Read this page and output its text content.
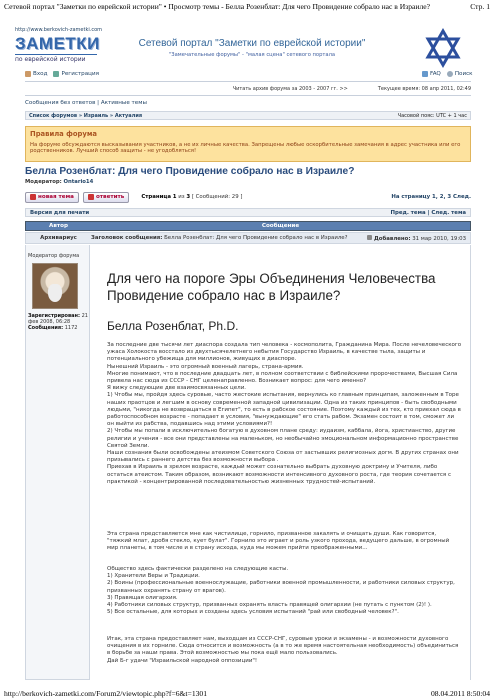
Сетевой портал "Заметки по еврейской истории" • Просмотр темы - Белла Розенблат: Для чего Провидение собрало нас в Израиле?	Стр. 1
http://www.berkovich-zametki.com
ЗАМЕТКИ
по еврейской истории
Сетевой портал "Заметки по еврейской истории"
"Замечательные форумы" - "малая сцена" сетевого портала
Вход	Регистрация	FAQ	Поиск
Читать архив форума за 2003 - 2007 гг. >>	Текущее время: 08 апр 2011, 02:49
Сообщения без ответов | Активные темы
Список форумов » Израиль » Актуалия	Часовой пояс: UTC + 1 час
Правила форума
На форуме обсуждаются высказывания участников, а не их личные качества. Запрещены любые оскорбительные замечания в адрес участника или его родственников. Лучший способ защиты - не угодобляться!
Белла Розенблат: Для чего Провидение собрало нас в Израиле?
Модератор: Ontario14
новая тема	ответить	Страница 1 из 3 [ Сообщений: 29 ]	На страницу 1, 2, 3 След.
Версия для печати	Пред. тема | След. тема
Автор	Сообщение
Архивариус	Заголовок сообщения: Белла Розенблат: Для чего Провидение собрало нас в Израиле?	Добавлено: 31 мар 2010, 19:03
Модератор форума
Зарегистрирован: 21 фев 2008, 06:28
Сообщения: 1172
Для чего на пороге Эры Объединения Человечества Провидение собрало нас в Израиле?
Белла Розенблат, Ph.D.

За последние две тысячи лет диаспора создала тип человека - космополита, Гражданина Мира. После нечеловеческого ужаса Холокоста восстало из двухтысячелетнего небытия Государство Израиль, в качестве тыла, защиты и потенциального убежища для миллионов, живущих в диаспоре.

Нынешний Израиль - это огромный военный лагерь, страна-армия.

Многие понимают, что в последние двадцать лет, в полном соответствии с библейскими пророчествами, Высшая Сила привела нас сюда из СССР - СНГ целенаправленно. Возникает вопрос: для чего именно?

Я вижу следующие две взаимосвязанных цели.

1) Чтобы мы, пройдя здесь суровые, часто жестокие испытания, вернулись ко главным принципам, заложенным в Торе наших праотцов и легшим в основу современной западной цивилизации. Одна из таких принципов - быть свободными людьми, "никогда не возвращаться в Египет", то есть в рабское состояние. Поэтому каждый из тех, кто приехал сюда в работоспособном возрасте - попадает в условия, "вынуждающие" его стать рабом. Экзамен состоит в том, сможет ли он выйти из рабства, подавшись над этими условиями?!

2) Чтобы мы попали в исключительно богатую в духовном плане среду: иудаизм, каббала, йога, христианство, другие религии и учения - все они представлены на маленьком, но необычайно эмоциональном информационно пространстве Святой Земли.

Наши сознания были освобождены атеизмом Советского Союза от застывших религиозных догм. В других странах они призывались с раннего детства без возможности выбора .

Приехав в Израиль в зрелом возрасте, каждый может сознательно выбрать духовную доктрину и Учителя, либо остаться атеистом. Таким образом, возникают возможности интенсивного духовного роста, где теория сочетается с практикой - концентрированной последовательностью жизненных трудностей-испытаний.

Эта страна представляется мне как чистилище, горнило, призванное закалять и очищать души. Как говорится, "тяжкий млат, дробя стекло, кует булат". Горнило это играет и роль узкого прохода, ведущего дальше, в огромный мир планеты, в том числе и в страну исхода, куда мы можем прийти преображенными...

Общество здесь фактически разделено на следующие касты.

1) Хранители Веры и Традиции.

2) Воины (профессиональные военнослужащие, работники военной промышленности, и работники силовых структур, призванных охранять страну от врагов).

3) Правящая олигархия.

4) Работники силовых структур, призванных охранять власть правящей олигархии (не путать с пунктом (2)! ).

5) Все остальные, для которых и созданы здесь условия испытаний "рай или свободный человек?".

Итак, эта страна предоставляет нам, выходцам из СССР-СНГ, суровые уроки и экзамены - и возможности духовного очищения в их горниле. Сюда относится и возможность (а в то же время настоятельная необходимость) объединиться в борьбе за наши права. Этой возможностью мы пока ещё мало пользовались.

Дай Б-г удачи "Израильской народной оппозиции"!

http://berkovich-zametki.com/Forum2/viewtopic.php?f=6&t=1301	08.04.2011 8:50:04
